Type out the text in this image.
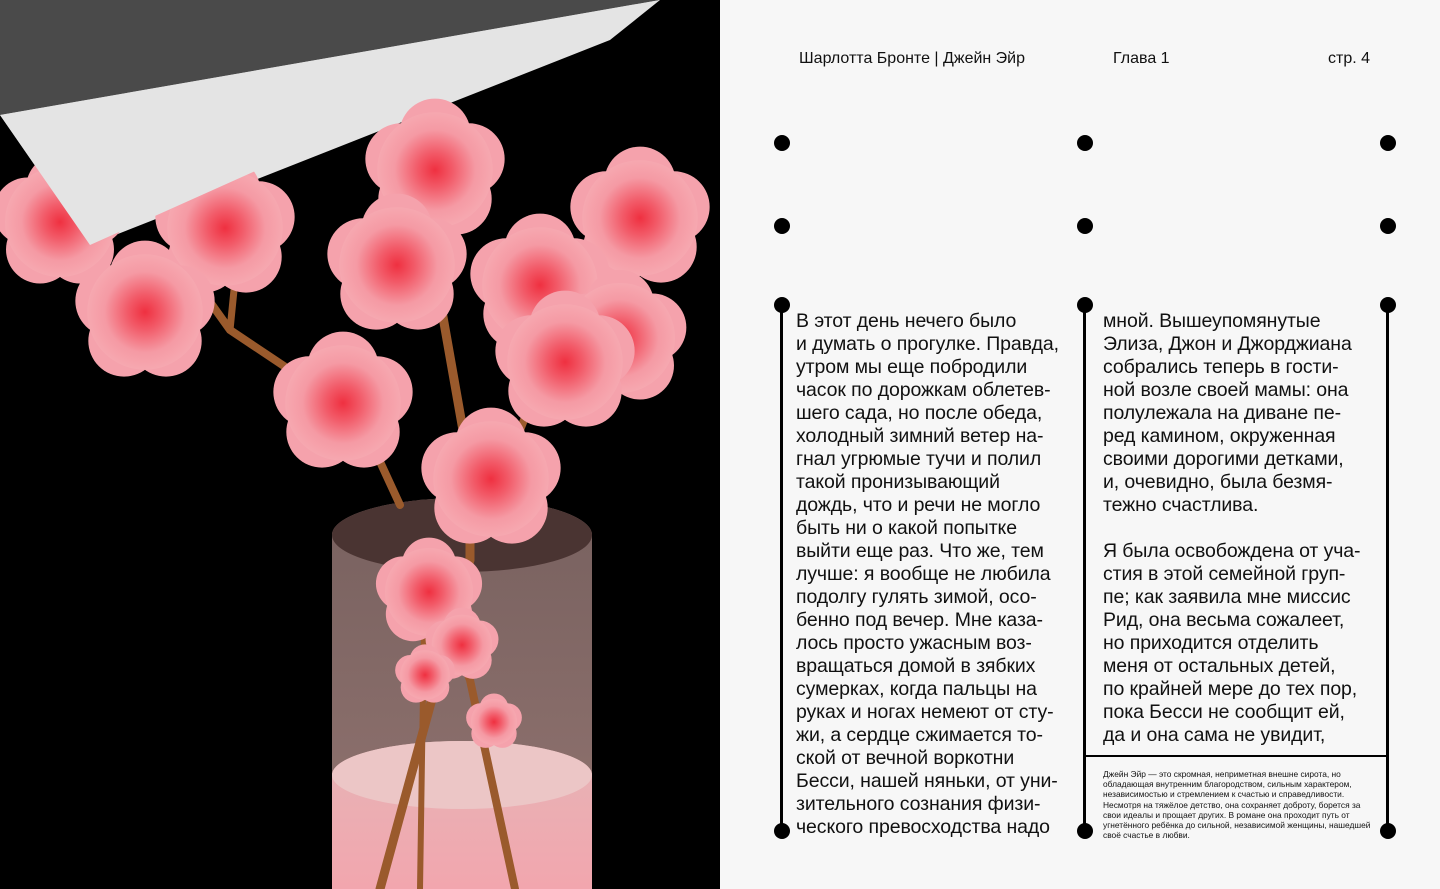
Шарлотта Бронте | Джейн Эйр	Глава 1	стр. 4
В этот день нечего было
и думать о прогулке. Правда,
утром мы еще побродили
часок по дорожкам облетев-
шего сада, но после обеда,
холодный зимний ветер на-
гнал угрюмые тучи и полил
такой пронизывающий
дождь, что и речи не могло
быть ни о какой попытке
выйти еще раз. Что же, тем
лучше: я вообще не любила
подолгу гулять зимой, осо-
бенно под вечер. Мне каза-
лось просто ужасным воз-
вращаться домой в зябких
сумерках, когда пальцы на
руках и ногах немеют от сту-
жи, а сердце сжимается то-
ской от вечной воркотни
Бесси, нашей няньки, от уни-
зительного сознания физи-
ческого превосходства надо
мной. Вышеупомянутые
Элиза, Джон и Джорджиана
собрались теперь в гости-
ной возле своей мамы: она
полулежала на диване пе-
ред камином, окруженная
своими дорогими детками,
и, очевидно, была безмя-
тежно счастлива.

Я была освобождена от уча-
стия в этой семейной груп-
пе; как заявила мне миссис
Рид, она весьма сожалеет,
но приходится отделить
меня от остальных детей,
по крайней мере до тех пор,
пока Бесси не сообщит ей,
да и она сама не увидит,
Джейн Эйр — это скромная, неприметная внешне сирота, но обладающая внутренним благородством, сильным характером, независимостью и стремлением к счастью и справедливости. Несмотря на тяжёлое детство, она сохраняет доброту, борется за свои идеалы и прощает других. В романе она проходит путь от угнетённого ребёнка до сильной, независимой женщины, нашедшей своё счастье в любви.
